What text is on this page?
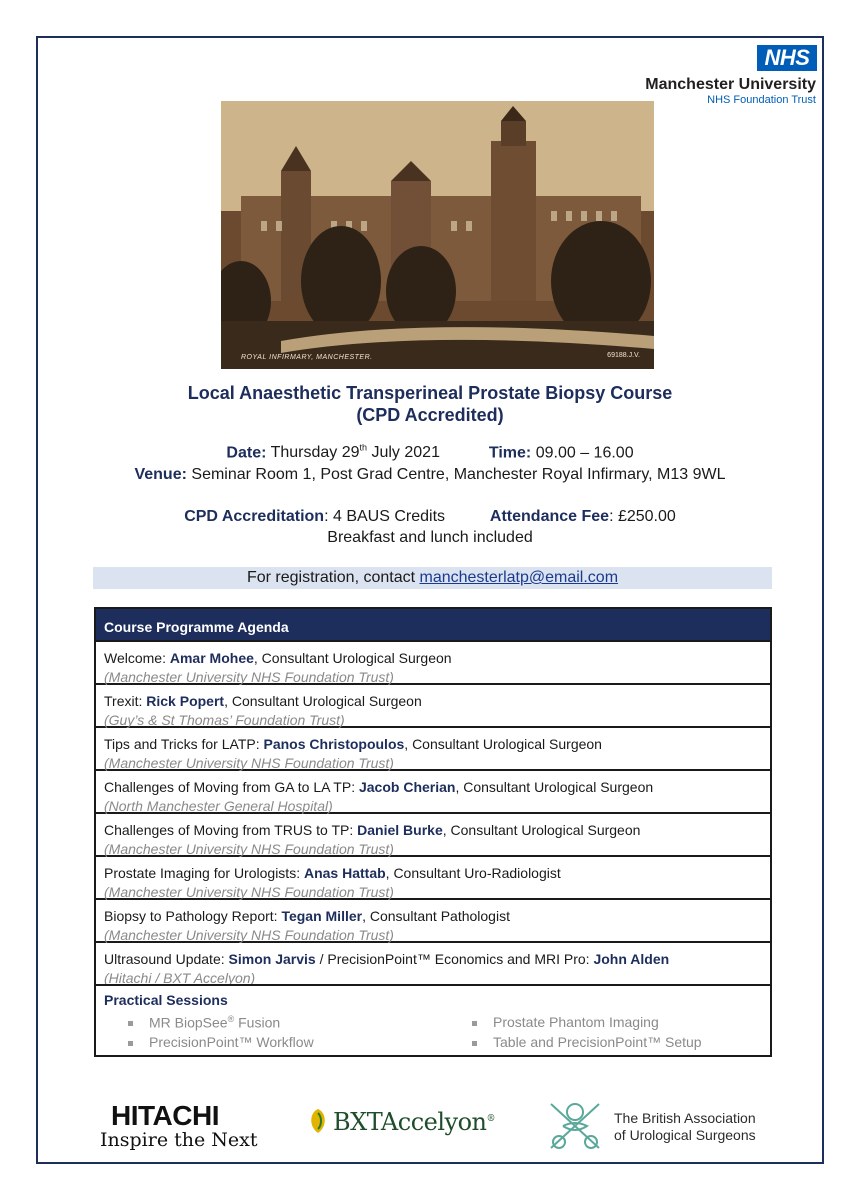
NHS
Manchester University
NHS Foundation Trust
ROYAL INFIRMARY, MANCHESTER.	69188.J.V.
Local Anaesthetic Transperineal Prostate Biopsy Course
(CPD Accredited)
Date: Thursday 29th July 2021	Time: 09.00 – 16.00
Venue: Seminar Room 1, Post Grad Centre, Manchester Royal Infirmary, M13 9WL
CPD Accreditation: 4 BAUS Credits	Attendance Fee: £250.00
Breakfast and lunch included
For registration, contact manchesterlatp@email.com
Course Programme Agenda
Welcome: Amar Mohee, Consultant Urological Surgeon
(Manchester University NHS Foundation Trust)
Trexit: Rick Popert, Consultant Urological Surgeon
(Guy’s & St Thomas’ Foundation Trust)
Tips and Tricks for LATP: Panos Christopoulos, Consultant Urological Surgeon
(Manchester University NHS Foundation Trust)
Challenges of Moving from GA to LA TP: Jacob Cherian, Consultant Urological Surgeon
(North Manchester General Hospital)
Challenges of Moving from TRUS to TP: Daniel Burke, Consultant Urological Surgeon
(Manchester University NHS Foundation Trust)
Prostate Imaging for Urologists: Anas Hattab, Consultant Uro-Radiologist
(Manchester University NHS Foundation Trust)
Biopsy to Pathology Report: Tegan Miller, Consultant Pathologist
(Manchester University NHS Foundation Trust)
Ultrasound Update: Simon Jarvis / PrecisionPoint™ Economics and MRI Pro: John Alden
(Hitachi / BXT Accelyon)
Practical Sessions
MR BiopSee® Fusion
PrecisionPoint™ Workflow
Prostate Phantom Imaging
Table and PrecisionPoint™ Setup
HITACHI
Inspire the Next
BXTAccelyon®	The British Association
of Urological Surgeons
